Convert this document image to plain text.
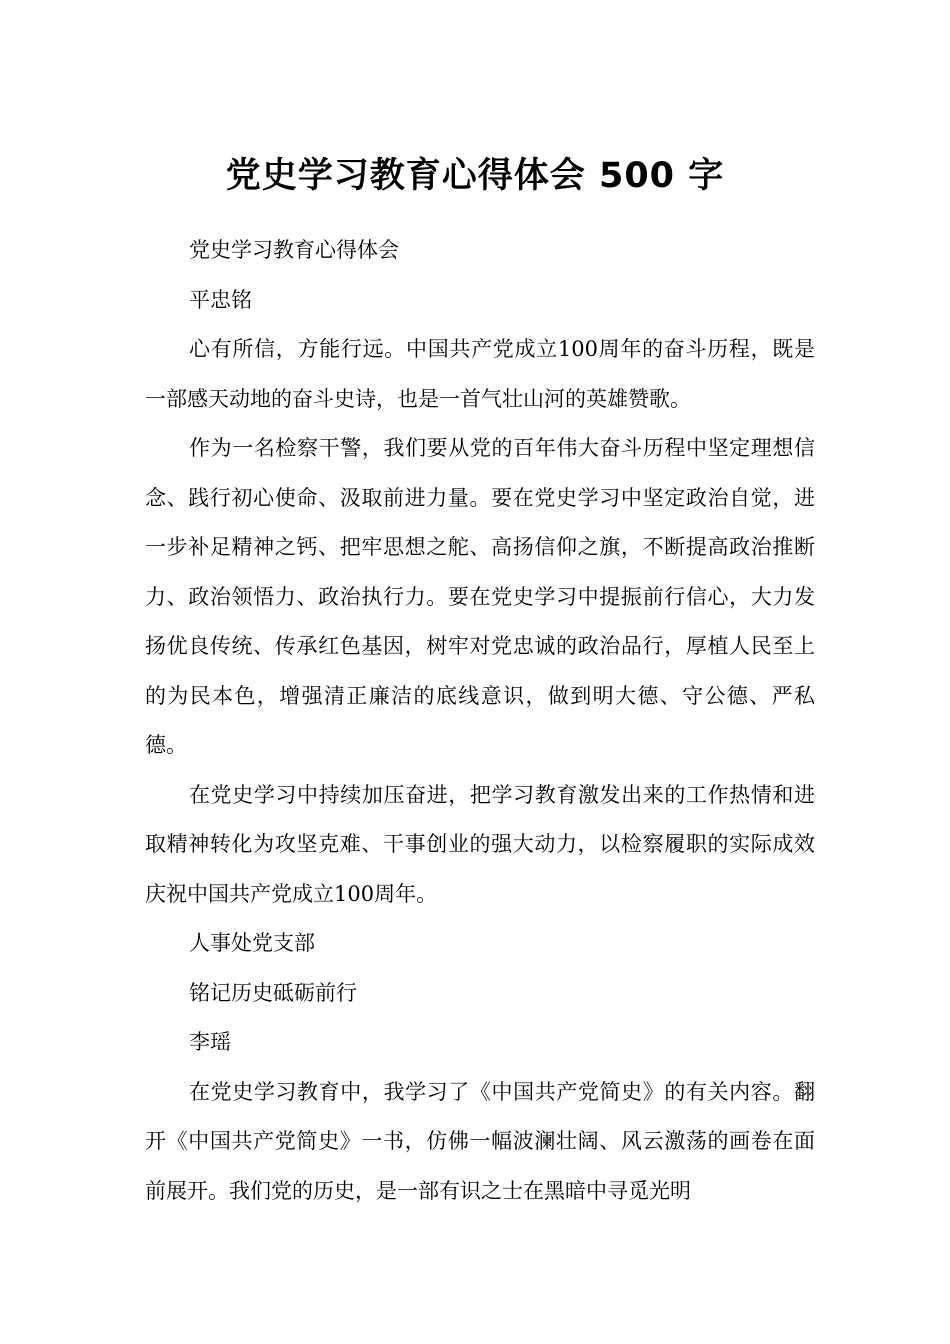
党史学习教育心得体会 500 字

党史学习教育心得体会

平忠铭

心有所信，方能行远。中国共产党成立100周年的奋斗历程，既是一部感天动地的奋斗史诗，也是一首气壮山河的英雄赞歌。

作为一名检察干警，我们要从党的百年伟大奋斗历程中坚定理想信念、践行初心使命、汲取前进力量。要在党史学习中坚定政治自觉，进一步补足精神之钙、把牢思想之舵、高扬信仰之旗，不断提高政治推断力、政治领悟力、政治执行力。要在党史学习中提振前行信心，大力发扬优良传统、传承红色基因，树牢对党忠诚的政治品行，厚植人民至上的为民本色，增强清正廉洁的底线意识，做到明大德、守公德、严私德。

在党史学习中持续加压奋进，把学习教育激发出来的工作热情和进取精神转化为攻坚克难、干事创业的强大动力，以检察履职的实际成效庆祝中国共产党成立100周年。

人事处党支部

铭记历史砥砺前行

李瑶

在党史学习教育中，我学习了《中国共产党简史》的有关内容。翻开《中国共产党简史》一书，仿佛一幅波澜壮阔、风云激荡的画卷在面前展开。我们党的历史，是一部有识之士在黑暗中寻觅光明
